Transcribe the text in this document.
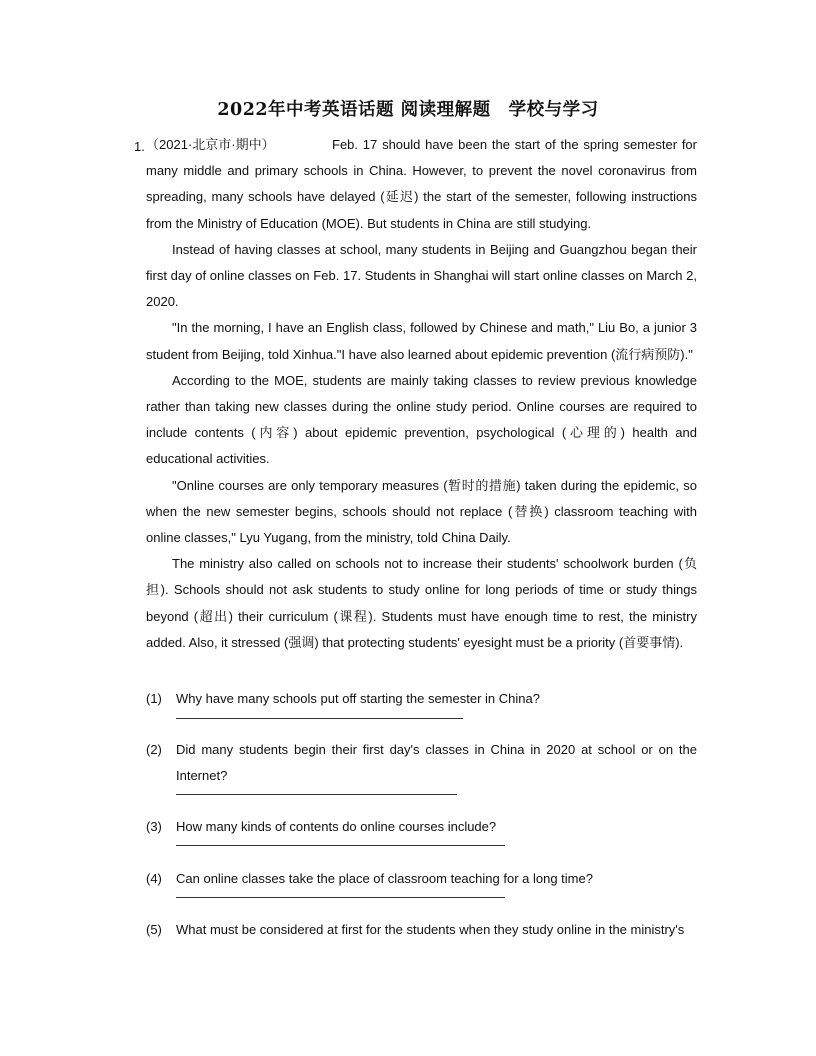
2022年中考英语话题 阅读理解题　学校与学习
1. （2021·北京市·期中）	Feb. 17 should have been the start of the spring semester for many middle and primary schools in China. However, to prevent the novel coronavirus from spreading, many schools have delayed (延迟) the start of the semester, following instructions from the Ministry of Education (MOE). But students in China are still studying.

Instead of having classes at school, many students in Beijing and Guangzhou began their first day of online classes on Feb. 17. Students in Shanghai will start online classes on March 2, 2020.

"In the morning, I have an English class, followed by Chinese and math," Liu Bo, a junior 3 student from Beijing, told Xinhua."I have also learned about epidemic prevention (流行病预防)."

According to the MOE, students are mainly taking classes to review previous knowledge rather than taking new classes during the online study period. Online courses are required to include contents (内容) about epidemic prevention, psychological (心理的) health and educational activities.

"Online courses are only temporary measures (暂时的措施) taken during the epidemic, so when the new semester begins, schools should not replace (替换) classroom teaching with online classes," Lyu Yugang, from the ministry, told China Daily.

The ministry also called on schools not to increase their students' schoolwork burden (负担). Schools should not ask students to study online for long periods of time or study things beyond (超出) their curriculum (课程). Students must have enough time to rest, the ministry added. Also, it stressed (强调) that protecting students' eyesight must be a priority (首要事情).

(1) Why have many schools put off starting the semester in China?
(2) Did many students begin their first day's classes in China in 2020 at school or on the Internet?
(3) How many kinds of contents do online courses include?
(4) Can online classes take the place of classroom teaching for a long time?
(5) What must be considered at first for the students when they study online in the ministry's
